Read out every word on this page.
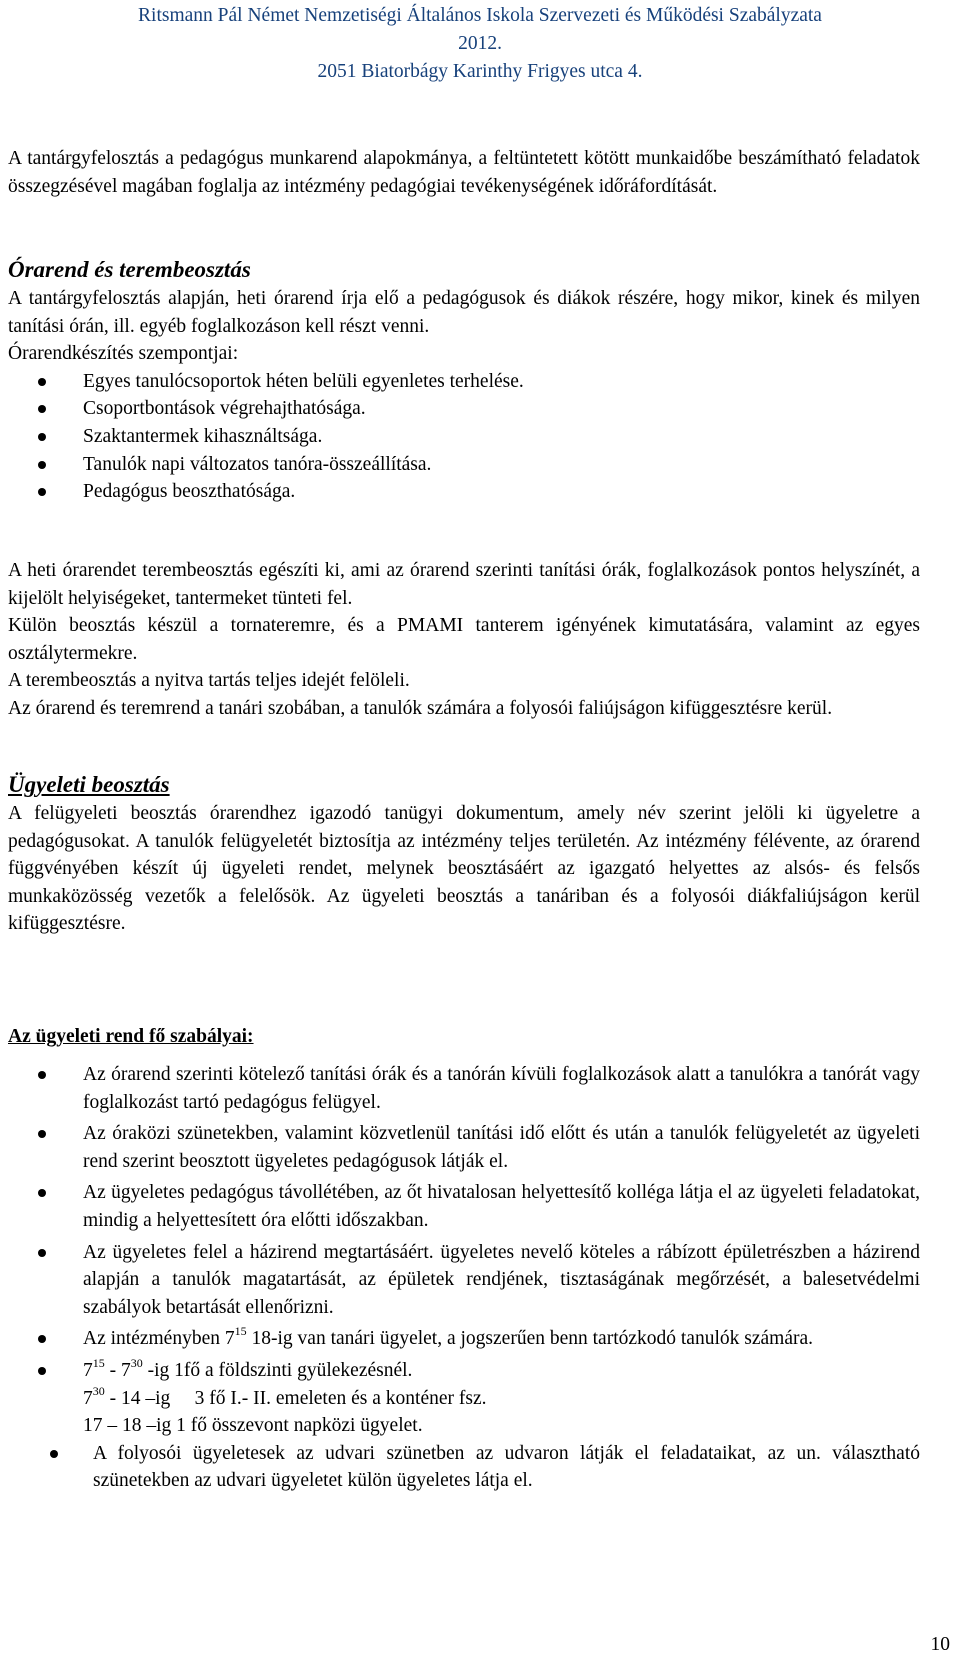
Ritsmann Pál Német Nemzetiségi Általános Iskola Szervezeti és Működési Szabályzata
2012.
2051 Biatorbágy Karinthy Frigyes utca 4.
A tantárgyfelosztás a pedagógus munkarend alapokmánya, a feltüntetett kötött munkaidőbe beszámítható feladatok összegzésével magában foglalja az intézmény pedagógiai tevékenységének időráfordítását.
Órarend és terembeosztás
A tantárgyfelosztás alapján, heti órarend írja elő a pedagógusok és diákok részére, hogy mikor, kinek és milyen tanítási órán, ill. egyéb foglalkozáson kell részt venni.
Órarendkészítés szempontjai:
Egyes tanulócsoportok héten belüli egyenletes terhelése.
Csoportbontások végrehajthatósága.
Szaktantermek kihasználtsága.
Tanulók napi változatos tanóra-összeállítása.
Pedagógus beoszthatósága.
A heti órarendet terembeosztás egészíti ki, ami az órarend szerinti tanítási órák, foglalkozások pontos helyszínét, a kijelölt helyiségeket, tantermeket tünteti fel.
Külön beosztás készül a tornateremre, és a PMAMI tanterem igényének kimutatására, valamint az egyes osztálytermekre.
A terembeosztás a nyitva tartás teljes idejét felöleli.
Az órarend és teremrend a tanári szobában, a tanulók számára a folyosói faliújságon kifüggesztésre kerül.
Ügyeleti beosztás
A felügyeleti beosztás órarendhez igazodó tanügyi dokumentum, amely név szerint jelöli ki ügyeletre a pedagógusokat. A tanulók felügyeletét biztosítja az intézmény teljes területén. Az intézmény félévente, az órarend függvényében készít új ügyeleti rendet, melynek beosztásáért az igazgató helyettes az alsós- és felsős munkaközösség vezetők a felelősök. Az ügyeleti beosztás a tanáriban és a folyosói diákfaliújságon kerül kifüggesztésre.
Az ügyeleti rend fő szabályai:
Az órarend szerinti kötelező tanítási órák és a tanórán kívüli foglalkozások alatt a tanulókra a tanórát vagy foglalkozást tartó pedagógus felügyel.
Az óraközi szünetekben, valamint közvetlenül tanítási idő előtt és után a tanulók felügyeletét az ügyeleti rend szerint beosztott ügyeletes pedagógusok látják el.
Az ügyeletes pedagógus távollétében, az őt hivatalosan helyettesítő kollégа látja el az ügyeleti feladatokat, mindig a helyettesített óra előtti időszakban.
Az ügyeletes felel a házirend megtartásáért. ügyeletes nevelő köteles a rábízott épületrészben a házirend alapján a tanulók magatartását, az épületek rendjének, tisztaságának megőrzését, a balesetvédelmi szabályok betartását ellenőrizni.
Az intézményben $7^{15}$ 18-ig van tanári ügyelet, a jogszerűen benn tartózkodó tanulók számára.
$7^{15} - 7^{30}$ -ig 1fő a földszinti gyülekezésnél.
$7^{30} - 14$ –ig     3 fő I.- II. emeleten és a konténer fsz.
17 – 18 –ig 1 fő összevont napközi ügyelet.
A folyosói ügyeletesek az udvari szünetben az udvaron látják el feladataikat, az un. választható szünetekben az udvari ügyeletet külön ügyeletes látja el.
10
